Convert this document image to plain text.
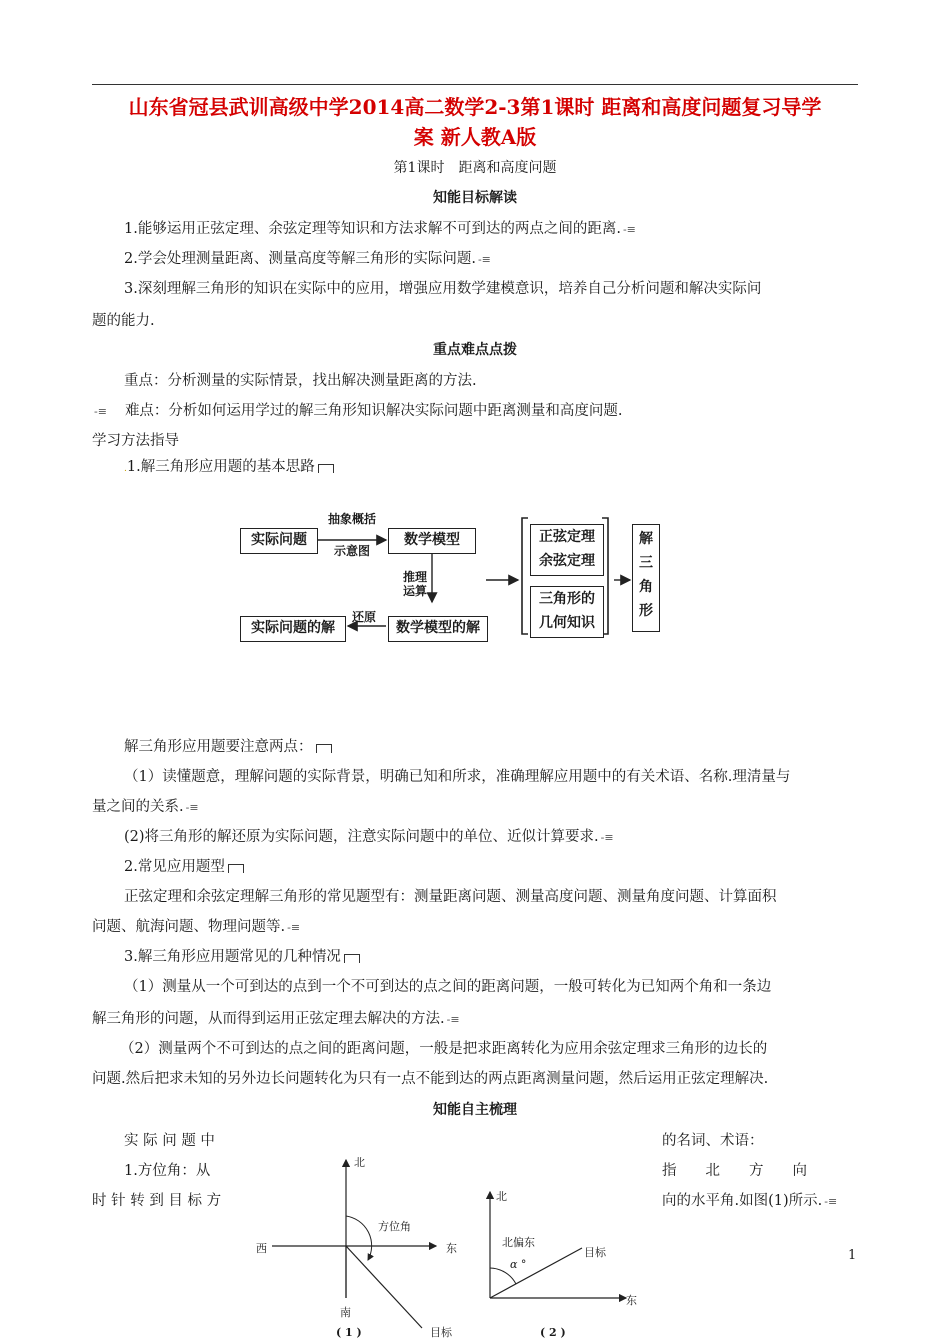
山东省冠县武训高级中学2014高二数学2-3第1课时 距离和高度问题复习导学
案 新人教A版
第1课时　距离和高度问题
知能目标解读
1.能够运用正弦定理、余弦定理等知识和方法求解不可到达的两点之间的距离. -≡
2.学会处理测量距离、测量高度等解三角形的实际问题. -≡
3.深刻理解三角形的知识在实际中的应用，增强应用数学建模意识，培养自己分析问题和解决实际问
题的能力.
重点难点点拨
重点：分析测量的实际情景，找出解决测量距离的方法.
-≡ 难点：分析如何运用学过的解三角形知识解决实际问题中距离测量和高度问题.
学习方法指导
.1.解三角形应用题的基本思路
实际问题
抽象概括
示意图
数学模型
推理
运算
正弦定理
余弦定理
三角形的
几何知识
解
三
角
形
实际问题的解
还原
数学模型的解
解三角形应用题要注意两点：
（1）读懂题意，理解问题的实际背景，明确已知和所求，准确理解应用题中的有关术语、名称.理清量与
量之间的关系. -≡
(2)将三角形的解还原为实际问题，注意实际问题中的单位、近似计算要求. -≡
2.常见应用题型
正弦定理和余弦定理解三角形的常见题型有：测量距离问题、测量高度问题、测量角度问题、计算面积
问题、航海问题、物理问题等. -≡
3.解三角形应用题常见的几种情况
（1）测量从一个可到达的点到一个不可到达的点之间的距离问题，一般可转化为已知两个角和一条边
解三角形的问题，从而得到运用正弦定理去解决的方法. -≡
（2）测量两个不可到达的点之间的距离问题，一般是把求距离转化为应用余弦定理求三角形的边长的
问题.然后把求未知的另外边长问题转化为只有一点不能到达的两点距离测量问题，然后运用正弦定理解决.
知能自主梳理
实 际 问 题 中	的名词、术语：
1.方位角：从	指　　北　　方　　向
时 针 转 到 目 标 方	向的水平角.如图(1)所示. -≡
北
西	东
方位角
南
目标
( 1 )
北
北偏东
α °
目标
东
( 2 )
1
